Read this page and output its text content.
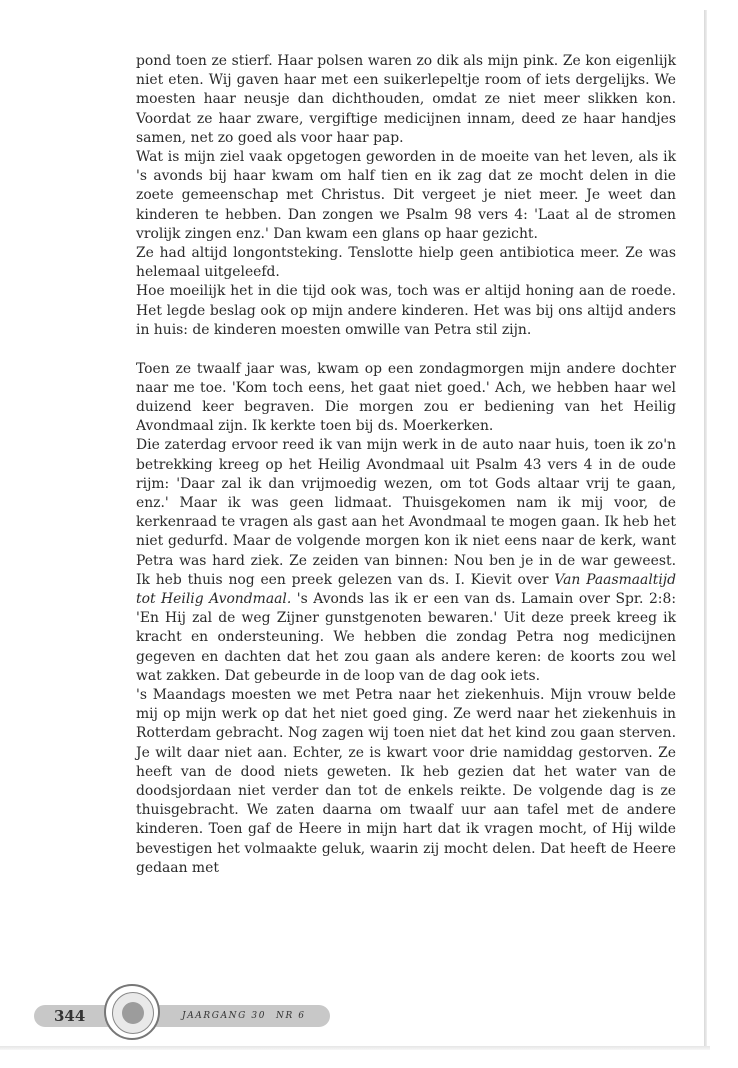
pond toen ze stierf. Haar polsen waren zo dik als mijn pink. Ze kon eigenlijk niet eten. Wij gaven haar met een suikerlepeltje room of iets dergelijks. We moesten haar neusje dan dichthouden, omdat ze niet meer slikken kon. Voordat ze haar zware, vergiftige medicijnen innam, deed ze haar handjes samen, net zo goed als voor haar pap.

Wat is mijn ziel vaak opgetogen geworden in de moeite van het leven, als ik 's avonds bij haar kwam om half tien en ik zag dat ze mocht delen in die zoete gemeenschap met Christus. Dit vergeet je niet meer. Je weet dan kinderen te hebben. Dan zongen we Psalm 98 vers 4: 'Laat al de stromen vrolijk zingen enz.' Dan kwam een glans op haar gezicht.

Ze had altijd longontsteking. Tenslotte hielp geen antibiotica meer. Ze was helemaal uitgeleefd.

Hoe moeilijk het in die tijd ook was, toch was er altijd honing aan de roede. Het legde beslag ook op mijn andere kinderen. Het was bij ons altijd anders in huis: de kinderen moesten omwille van Petra stil zijn.

Toen ze twaalf jaar was, kwam op een zondagmorgen mijn andere dochter naar me toe. 'Kom toch eens, het gaat niet goed.' Ach, we hebben haar wel duizend keer begraven. Die morgen zou er bediening van het Heilig Avondmaal zijn. Ik kerkte toen bij ds. Moerkerken.

Die zaterdag ervoor reed ik van mijn werk in de auto naar huis, toen ik zo'n betrekking kreeg op het Heilig Avondmaal uit Psalm 43 vers 4 in de oude rijm: 'Daar zal ik dan vrijmoedig wezen, om tot Gods altaar vrij te gaan, enz.' Maar ik was geen lidmaat. Thuisgekomen nam ik mij voor, de kerkenraad te vragen als gast aan het Avondmaal te mogen gaan. Ik heb het niet gedurfd. Maar de volgende morgen kon ik niet eens naar de kerk, want Petra was hard ziek. Ze zeiden van binnen: Nou ben je in de war geweest. Ik heb thuis nog een preek gelezen van ds. I. Kievit over Van Paasmaaltijd tot Heilig Avondmaal. 's Avonds las ik er een van ds. Lamain over Spr. 2:8: 'En Hij zal de weg Zijner gunstgenoten bewaren.' Uit deze preek kreeg ik kracht en ondersteuning. We hebben die zondag Petra nog medicijnen gegeven en dachten dat het zou gaan als andere keren: de koorts zou wel wat zakken. Dat gebeurde in de loop van de dag ook iets.

's Maandags moesten we met Petra naar het ziekenhuis. Mijn vrouw belde mij op mijn werk op dat het niet goed ging. Ze werd naar het ziekenhuis in Rotterdam gebracht. Nog zagen wij toen niet dat het kind zou gaan sterven. Je wilt daar niet aan. Echter, ze is kwart voor drie namiddag gestorven. Ze heeft van de dood niets geweten. Ik heb gezien dat het water van de doodsjordaan niet verder dan tot de enkels reikte. De volgende dag is ze thuisgebracht. We zaten daarna om twaalf uur aan tafel met de andere kinderen. Toen gaf de Heere in mijn hart dat ik vragen mocht, of Hij wilde bevestigen het volmaakte geluk, waarin zij mocht delen. Dat heeft de Heere gedaan met

344	JAARGANG 30 NR 6
